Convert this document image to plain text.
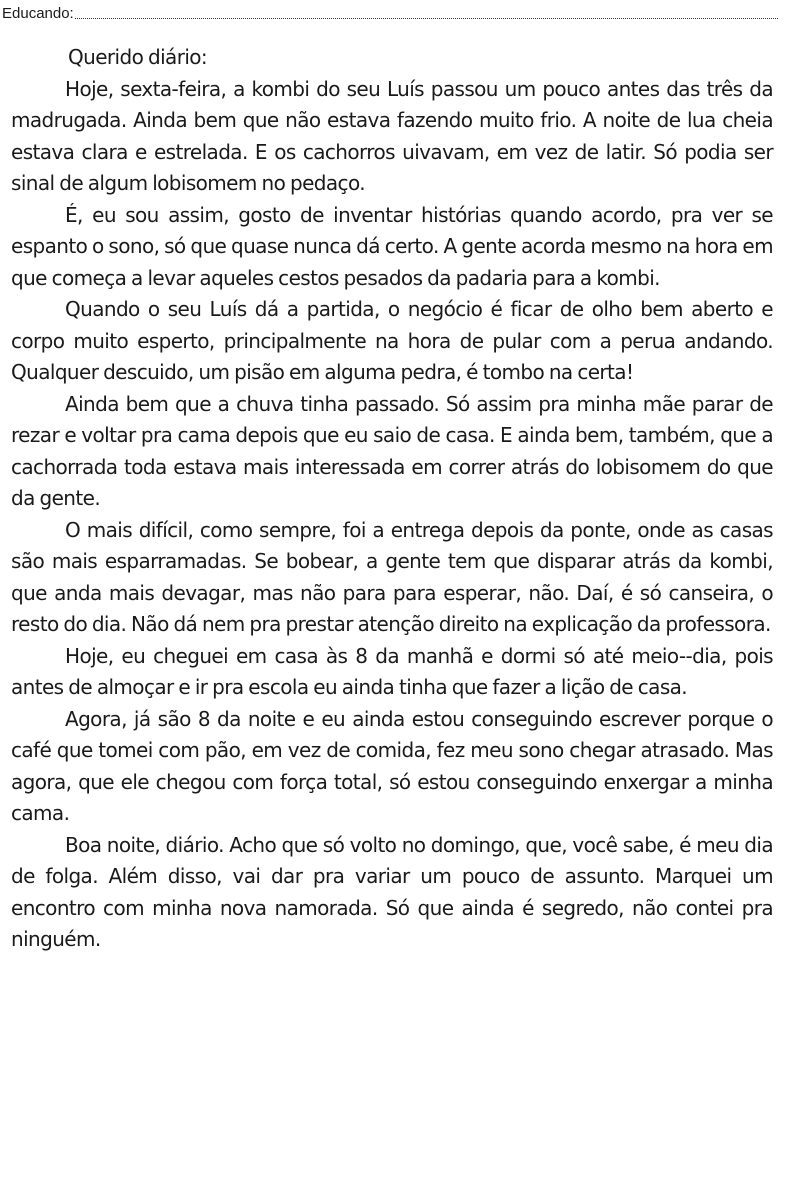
Educando:

Querido diário:

Hoje, sexta-feira, a kombi do seu Luís passou um pouco antes das três da madrugada. Ainda bem que não estava fazendo muito frio. A noite de lua cheia estava clara e estrelada. E os cachorros uivavam, em vez de latir. Só podia ser sinal de algum lobisomem no pedaço.

É, eu sou assim, gosto de inventar histórias quando acordo, pra ver se espanto o sono, só que quase nunca dá certo. A gente acorda mesmo na hora em que começa a levar aqueles cestos pesados da padaria para a kombi.

Quando o seu Luís dá a partida, o negócio é ficar de olho bem aberto e corpo muito esperto, principalmente na hora de pular com a perua andando. Qualquer descuido, um pisão em alguma pedra, é tombo na certa!

Ainda bem que a chuva tinha passado. Só assim pra minha mãe parar de rezar e voltar pra cama depois que eu saio de casa. E ainda bem, também, que a cachorrada toda estava mais interessada em correr atrás do lobisomem do que da gente.

O mais difícil, como sempre, foi a entrega depois da ponte, onde as casas são mais esparramadas. Se bobear, a gente tem que disparar atrás da kombi, que anda mais devagar, mas não para para esperar, não. Daí, é só canseira, o resto do dia. Não dá nem pra prestar atenção direito na explicação da professora.

Hoje, eu cheguei em casa às 8 da manhã e dormi só até meio--dia, pois antes de almoçar e ir pra escola eu ainda tinha que fazer a lição de casa.

Agora, já são 8 da noite e eu ainda estou conseguindo escrever porque o café que tomei com pão, em vez de comida, fez meu sono chegar atrasado. Mas agora, que ele chegou com força total, só estou conseguindo enxergar a minha cama.

Boa noite, diário. Acho que só volto no domingo, que, você sabe, é meu dia de folga. Além disso, vai dar pra variar um pouco de assunto. Marquei um encontro com minha nova namorada. Só que ainda é segredo, não contei pra ninguém.
